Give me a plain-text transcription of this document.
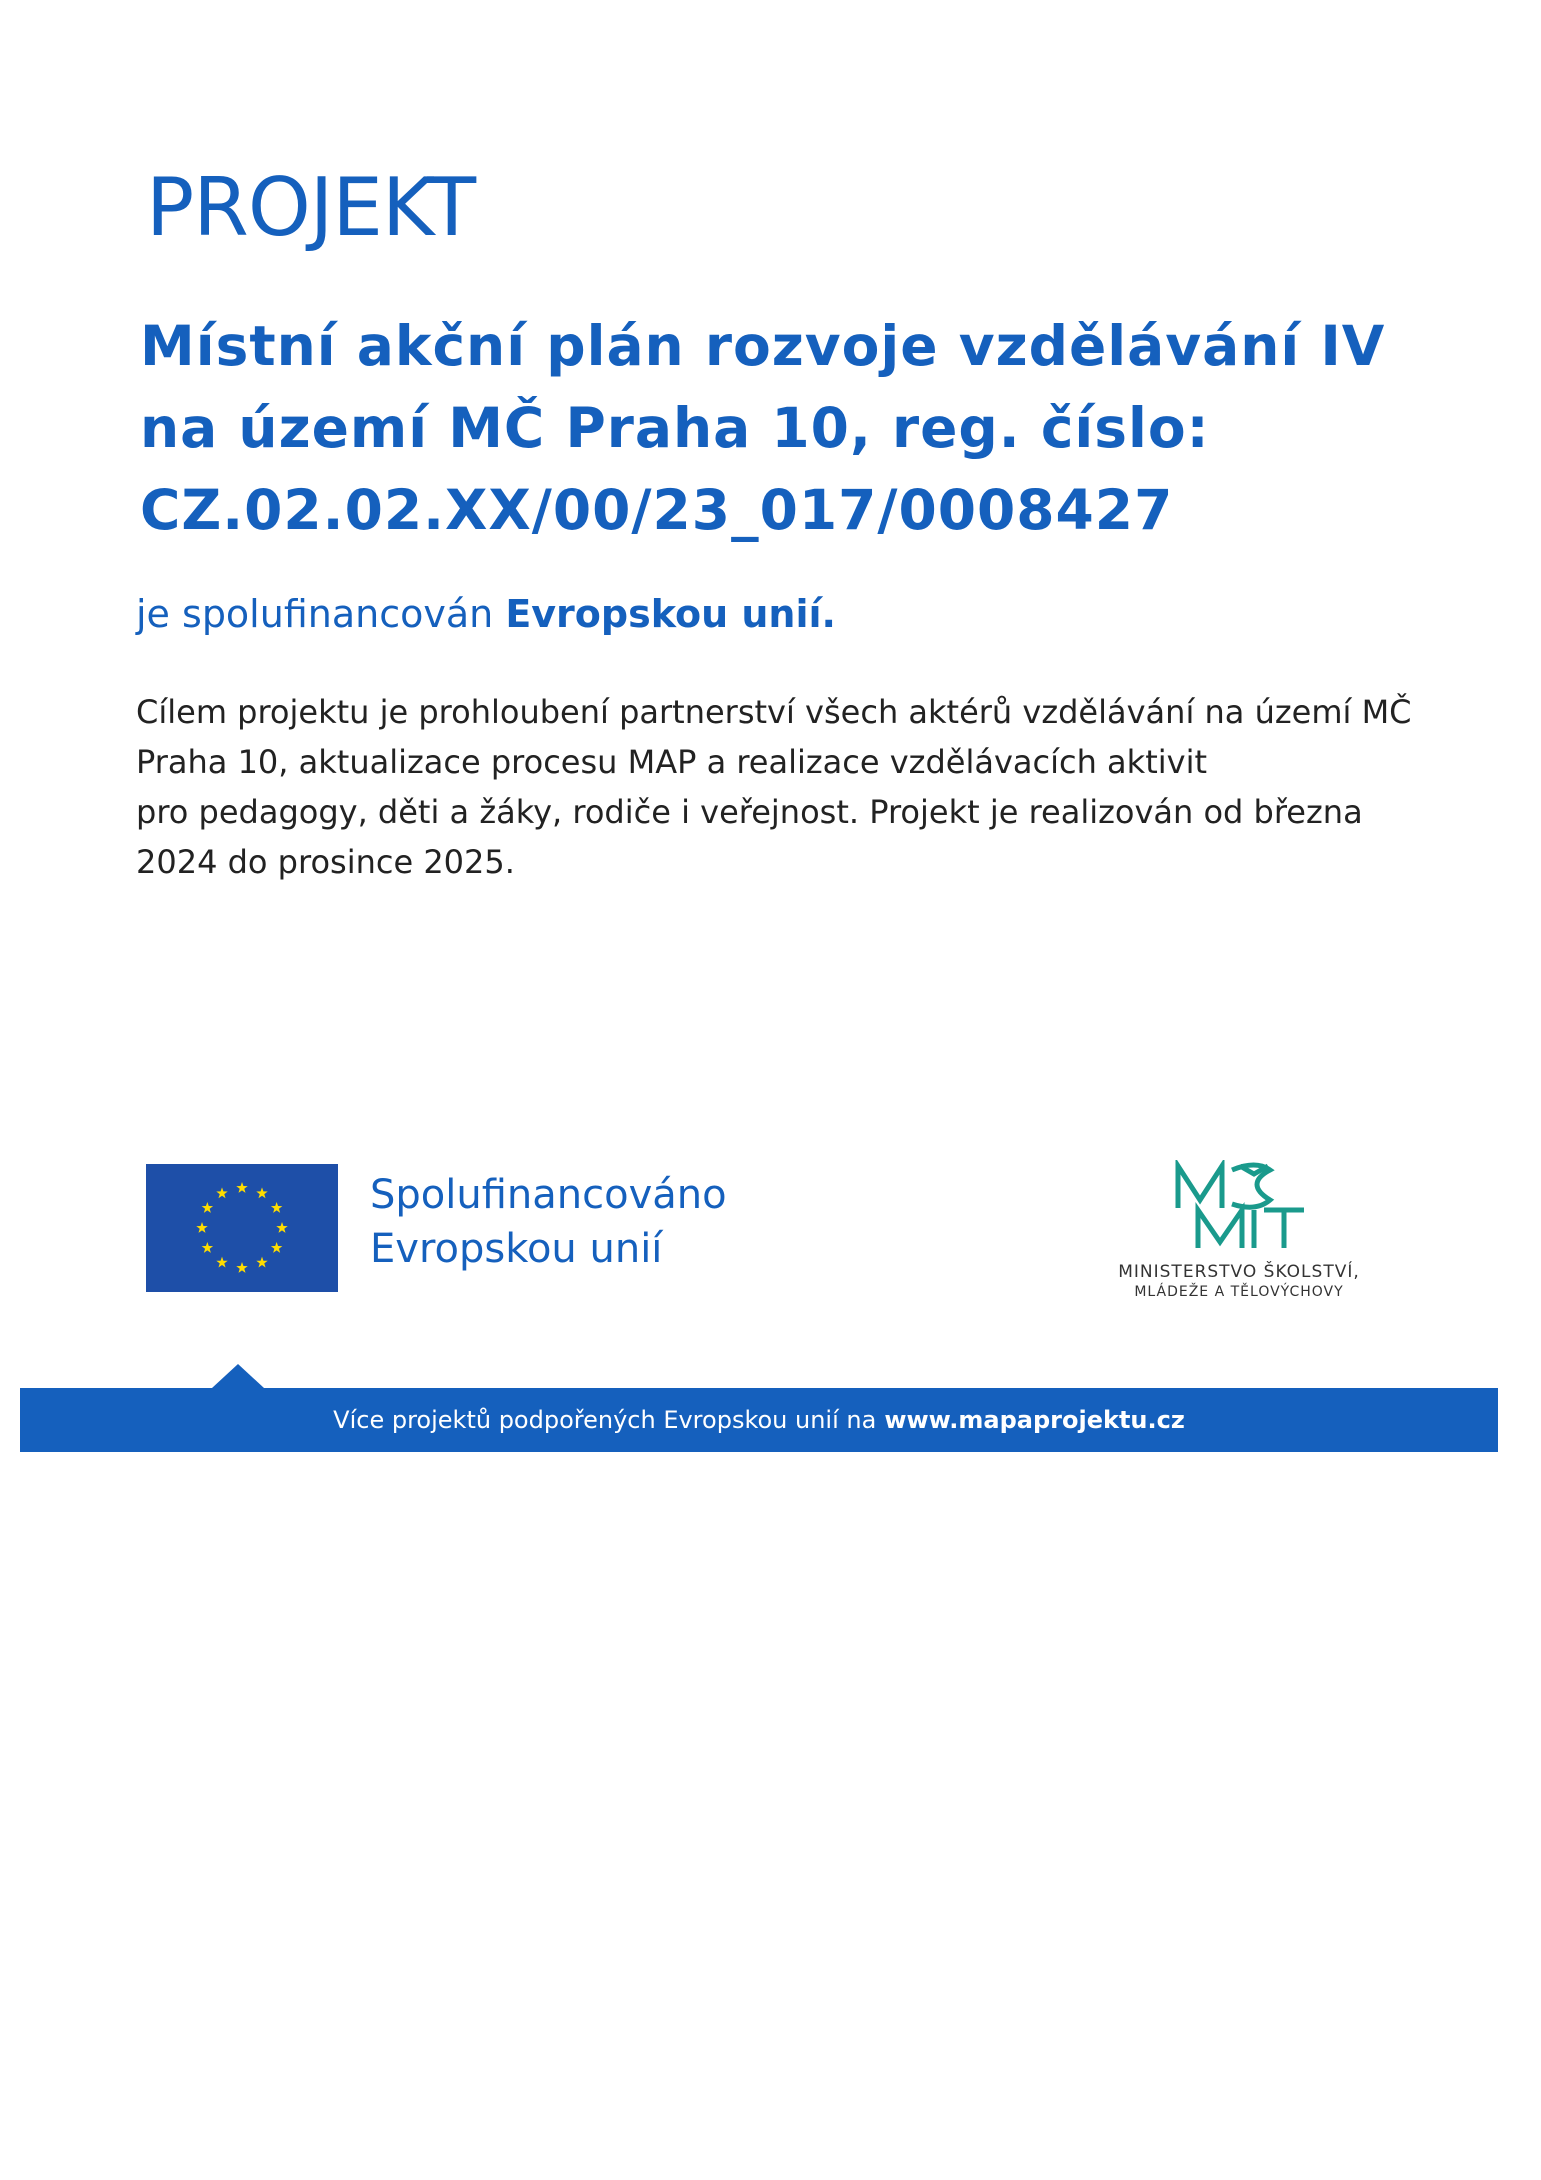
PROJEKT
Místní akční plán rozvoje vzdělávání IV
na území MČ Praha 10, reg. číslo:
CZ.02.02.XX/00/23_017/0008427
je spolufinancován Evropskou unií.
Cílem projektu je prohloubení partnerství všech aktérů vzdělávání na území MČ
Praha 10, aktualizace procesu MAP a realizace vzdělávacích aktivit
pro pedagogy, děti a žáky, rodiče i veřejnost. Projekt je realizován od března
2024 do prosince 2025.
Spolufinancováno
Evropskou unií	MINISTERSTVO ŠKOLSTVÍ,
MLÁDEŽE A TĚLOVÝCHOVY
Více projektů podpořených Evropskou unií na www.mapaprojektu.cz
